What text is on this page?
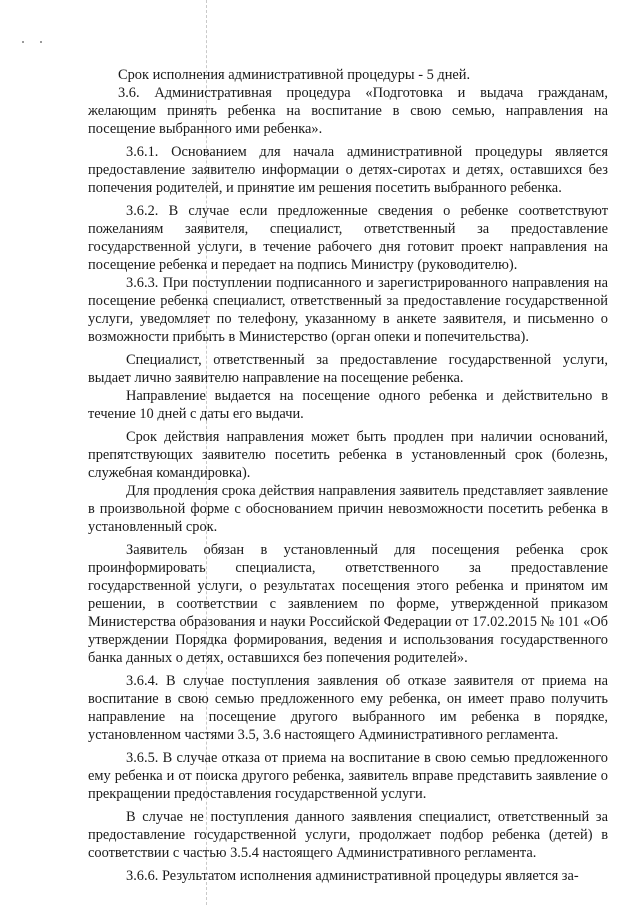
Срок исполнения административной процедуры - 5 дней.

3.6. Административная процедура «Подготовка и выдача гражданам, желающим принять ребенка на воспитание в свою семью, направления на посещение выбранного ими ребенка».

3.6.1. Основанием для начала административной процедуры является предоставление заявителю информации о детях-сиротах и детях, оставшихся без попечения родителей, и принятие им решения посетить выбранного ребенка.

3.6.2. В случае если предложенные сведения о ребенке соответствуют пожеланиям заявителя, специалист, ответственный за предоставление государственной услуги, в течение рабочего дня готовит проект направления на посещение ребенка и передает на подпись Министру (руководителю).

3.6.3. При поступлении подписанного и зарегистрированного направления на посещение ребенка специалист, ответственный за предоставление государственной услуги, уведомляет по телефону, указанному в анкете заявителя, и письменно о возможности прибыть в Министерство (орган опеки и попечительства).

Специалист, ответственный за предоставление государственной услуги, выдает лично заявителю направление на посещение ребенка.

Направление выдается на посещение одного ребенка и действительно в течение 10 дней с даты его выдачи.

Срок действия направления может быть продлен при наличии оснований, препятствующих заявителю посетить ребенка в установленный срок (болезнь, служебная командировка).

Для продления срока действия направления заявитель представляет заявление в произвольной форме с обоснованием причин невозможности посетить ребенка в установленный срок.

Заявитель обязан в установленный для посещения ребенка срок проинформировать специалиста, ответственного за предоставление государственной услуги, о результатах посещения этого ребенка и принятом им решении, в соответствии с заявлением по форме, утвержденной приказом Министерства образования и науки Российской Федерации от 17.02.2015 № 101 «Об утверждении Порядка формирования, ведения и использования государственного банка данных о детях, оставшихся без попечения родителей».

3.6.4. В случае поступления заявления об отказе заявителя от приема на воспитание в свою семью предложенного ему ребенка, он имеет право получить направление на посещение другого выбранного им ребенка в порядке, установленном частями 3.5, 3.6 настоящего Административного регламента.

3.6.5. В случае отказа от приема на воспитание в свою семью предложенного ему ребенка и от поиска другого ребенка, заявитель вправе представить заявление о прекращении предоставления государственной услуги.

В случае не поступления данного заявления специалист, ответственный за предоставление государственной услуги, продолжает подбор ребенка (детей) в соответствии с частью 3.5.4 настоящего Административного регламента.

3.6.6. Результатом исполнения административной процедуры является за-
